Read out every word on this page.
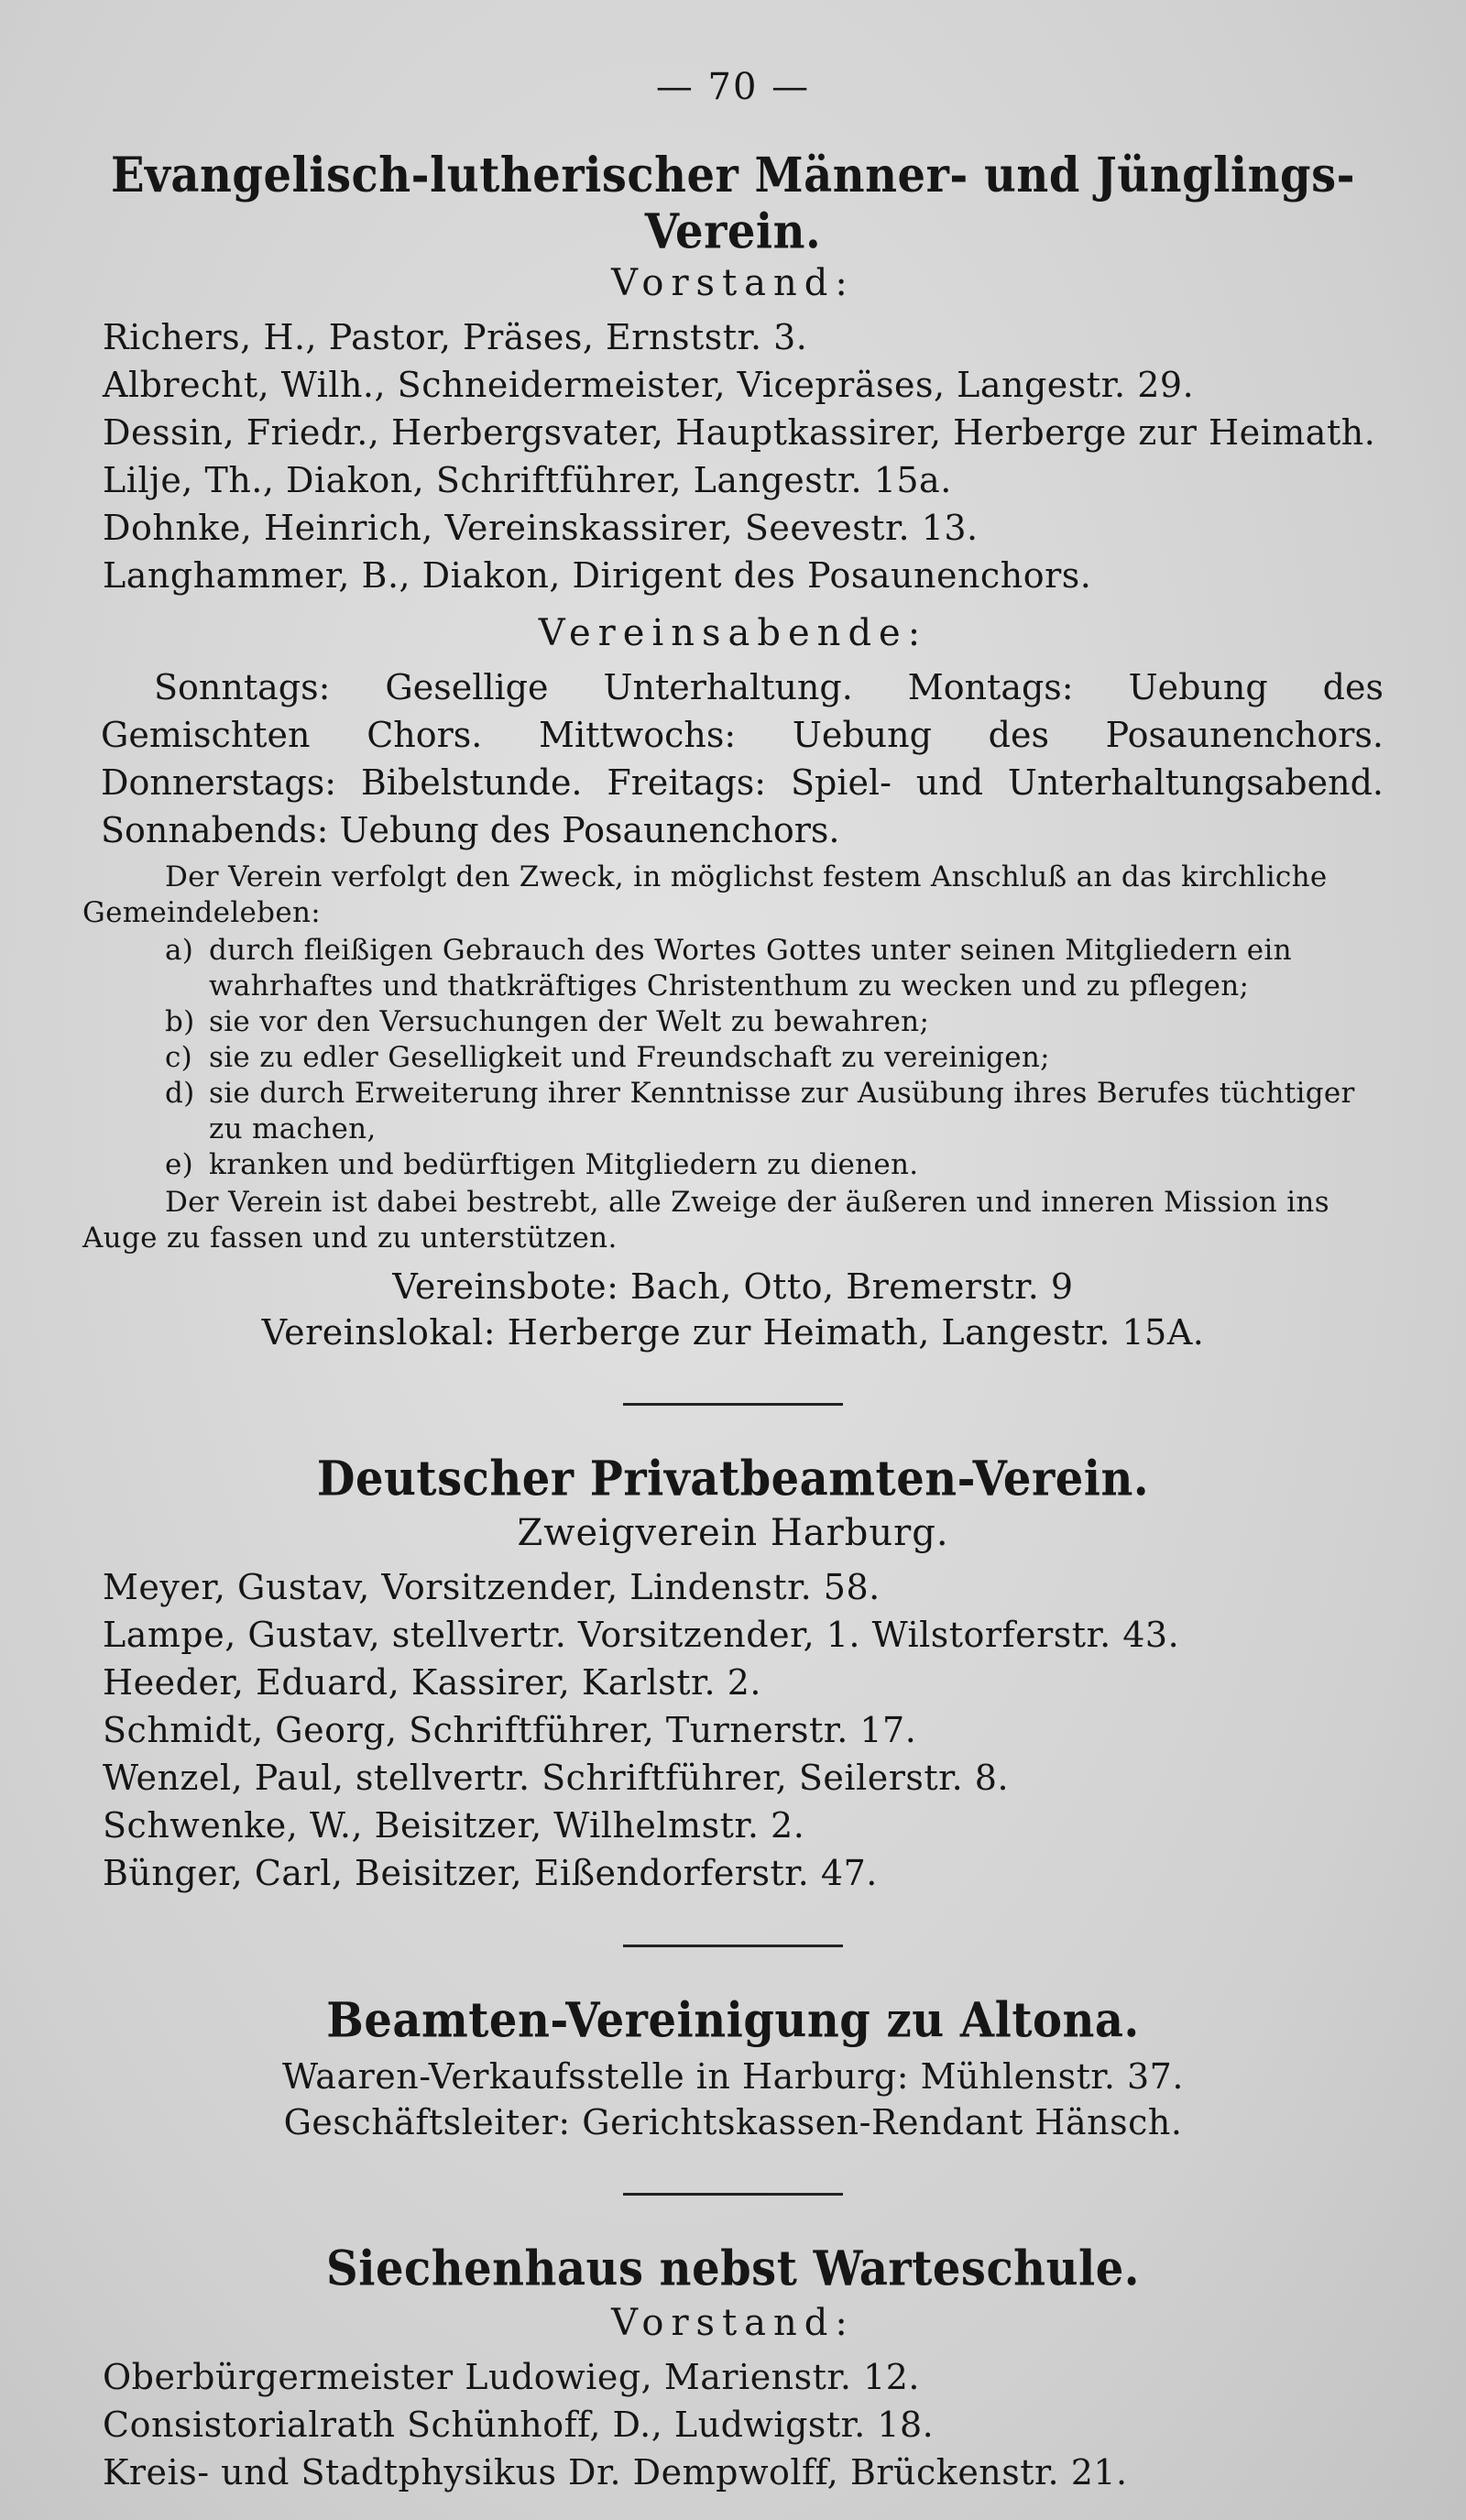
— 70 —
Evangelisch-lutherischer Männer- und Jünglings-Verein.
Vorstand:

Richers, H., Pastor, Präses, Ernststr. 3.

Albrecht, Wilh., Schneidermeister, Vicepräses, Langestr. 29.

Dessin, Friedr., Herbergsvater, Hauptkassirer, Herberge zur Heimath.

Lilje, Th., Diakon, Schriftführer, Langestr. 15a.

Dohnke, Heinrich, Vereinskassirer, Seevestr. 13.

Langhammer, B., Diakon, Dirigent des Posaunenchors.

Vereinsabende:

Sonntags: Gesellige Unterhaltung. Montags: Uebung des Gemischten Chors. Mittwochs: Uebung des Posaunenchors. Donnerstags: Bibelstunde. Freitags: Spiel- und Unterhaltungsabend. Sonnabends: Uebung des Posaunenchors.

Der Verein verfolgt den Zweck, in möglichst festem Anschluß an das kirchliche Gemeindeleben:

a) durch fleißigen Gebrauch des Wortes Gottes unter seinen Mitgliedern ein wahrhaftes und thatkräftiges Christenthum zu wecken und zu pflegen;
b) sie vor den Versuchungen der Welt zu bewahren;
c) sie zu edler Geselligkeit und Freundschaft zu vereinigen;
d) sie durch Erweiterung ihrer Kenntnisse zur Ausübung ihres Berufes tüchtiger zu machen,
e) kranken und bedürftigen Mitgliedern zu dienen.

Der Verein ist dabei bestrebt, alle Zweige der äußeren und inneren Mission ins Auge zu fassen und zu unterstützen.

Vereinsbote: Bach, Otto, Bremerstr. 9

Vereinslokal: Herberge zur Heimath, Langestr. 15A.

Deutscher Privatbeamten-Verein.
Zweigverein Harburg.

Meyer, Gustav, Vorsitzender, Lindenstr. 58.

Lampe, Gustav, stellvertr. Vorsitzender, 1. Wilstorferstr. 43.

Heeder, Eduard, Kassirer, Karlstr. 2.

Schmidt, Georg, Schriftführer, Turnerstr. 17.

Wenzel, Paul, stellvertr. Schriftführer, Seilerstr. 8.

Schwenke, W., Beisitzer, Wilhelmstr. 2.

Bünger, Carl, Beisitzer, Eißendorferstr. 47.

Beamten-Vereinigung zu Altona.

Waaren-Verkaufsstelle in Harburg: Mühlenstr. 37.

Geschäftsleiter: Gerichtskassen-Rendant Hänsch.

Siechenhaus nebst Warteschule.
Vorstand:

Oberbürgermeister Ludowieg, Marienstr. 12.

Consistorialrath Schünhoff, D., Ludwigstr. 18.

Kreis- und Stadtphysikus Dr. Dempwolff, Brückenstr. 21.
